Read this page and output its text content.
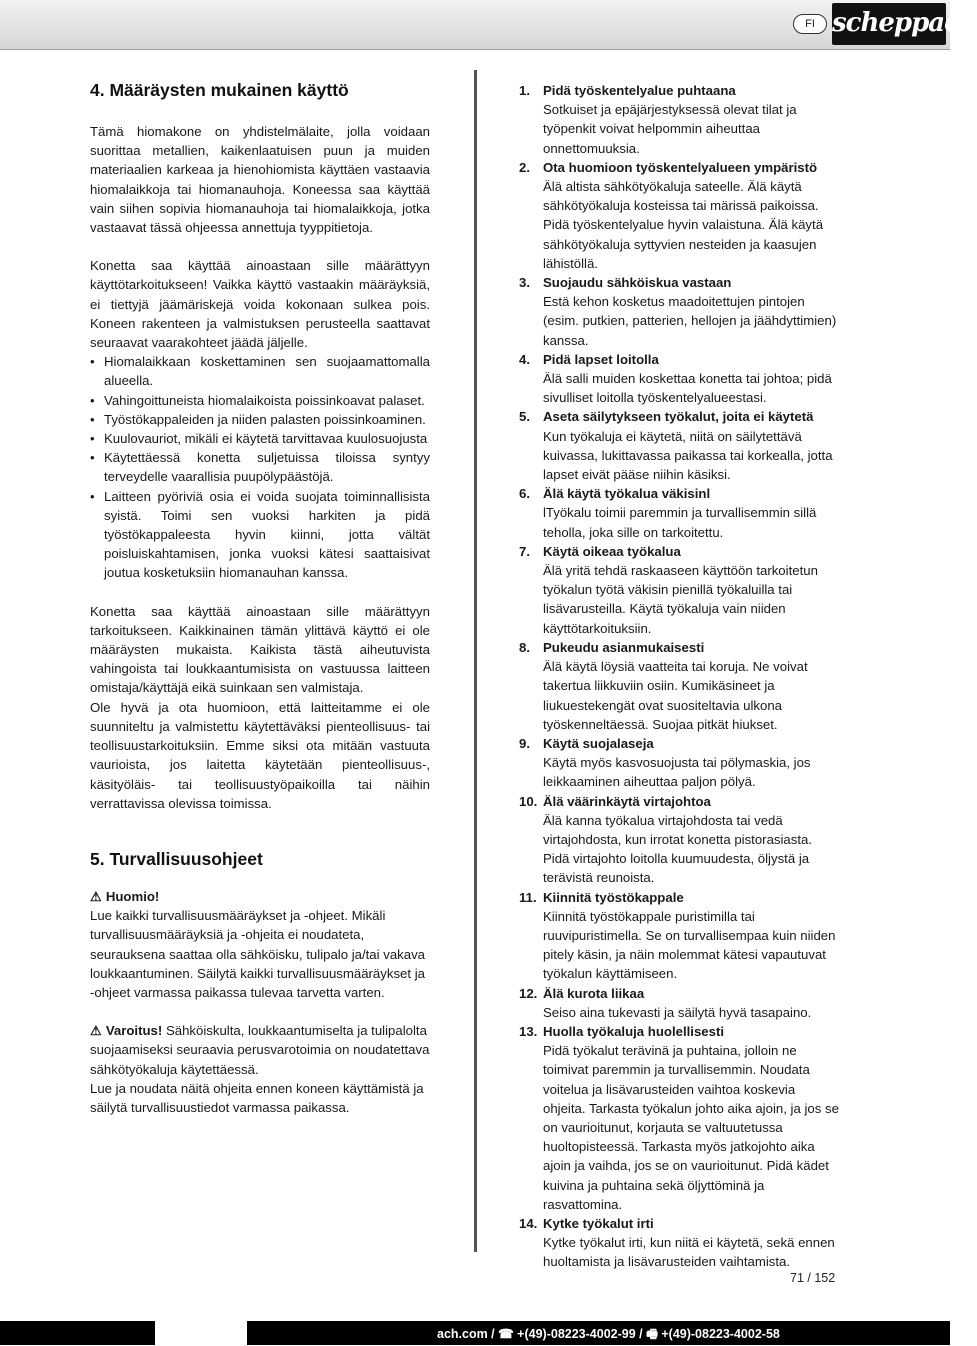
FI scheppach
4. Määräysten mukainen käyttö

Tämä hiomakone on yhdistelmälaite, jolla voidaan suorittaa metallien, kaikenlaatuisen puun ja muiden materiaalien karkeaa ja hienohiomista käyttäen vastaavia hiomalaikkoja tai hiomanauhoja. Koneessa saa käyttää vain siihen sopivia hiomanauhoja tai hiomalaikkoja, jotka vastaavat tässä ohjeessa annettuja tyyppitietoja.

Konetta saa käyttää ainoastaan sille määrättyyn käyttötarkoitukseen! Vaikka käyttö vastaakin määräyksiä, ei tiettyjä jäämäriskejä voida kokonaan sulkea pois. Koneen rakenteen ja valmistuksen perusteella saattavat seuraavat vaarakohteet jäädä jäljelle.

• Hiomalaikkaan koskettaminen sen suojaamattomalla alueella.
• Vahingoittuneista hiomalaikoista poissinkoavat palaset.
• Työstökappaleiden ja niiden palasten poissinkoaminen.
• Kuulovauriot, mikäli ei käytetä tarvittavaa kuulosuojusta
• Käytettäessä konetta suljetuissa tiloissa syntyy terveydelle vaarallisia puupölypäästöjä.
• Laitteen pyöriviä osia ei voida suojata toiminnallisista syistä. Toimi sen vuoksi harkiten ja pidä työstökappaleesta hyvin kiinni, jotta vältät poisluiskahtamisen, jonka vuoksi kätesi saattaisivat joutua kosketuksiin hiomanauhan kanssa.

Konetta saa käyttää ainoastaan sille määrättyyn tarkoitukseen. Kaikkinainen tämän ylittävä käyttö ei ole määräysten mukaista. Kaikista tästä aiheutuvista vahingoista tai loukkaantumisista on vastuussa laitteen omistaja/käyttäjä eikä suinkaan sen valmistaja.

Ole hyvä ja ota huomioon, että laitteitamme ei ole suunniteltu ja valmistettu käytettäväksi pienteollisuus- tai teollisuustarkoituksiin. Emme siksi ota mitään vastuuta vaurioista, jos laitetta käytetään pienteollisuus-, käsityöläis- tai teollisuustyöpaikoilla tai näihin verrattavissa olevissa toimissa.

5. Turvallisuusohjeet

⚠ Huomio!
Lue kaikki turvallisuusmääräykset ja -ohjeet. Mikäli turvallisuusmääräyksiä ja -ohjeita ei noudateta, seurauksena saattaa olla sähköisku, tulipalo ja/tai vakava loukkaantuminen. Säilytä kaikki turvallisuusmääräykset ja -ohjeet varmassa paikassa tulevaa tarvetta varten.

⚠ Varoitus! Sähköiskulta, loukkaantumiselta ja tulipalolta suojaamiseksi seuraavia perusvarotoimia on noudatettava sähkötyökaluja käytettäessä.
Lue ja noudata näitä ohjeita ennen koneen käyttämistä ja säilytä turvallisuustiedot varmassa paikassa.

1. Pidä työskentelyalue puhtaana
Sotkuiset ja epäjärjestyksessä olevat tilat ja työpenkit voivat helpommin aiheuttaa onnettomuuksia.
2. Ota huomioon työskentelyalueen ympäristö
Älä altista sähkötyökaluja sateelle. Älä käytä sähkötyökaluja kosteissa tai märissä paikoissa. Pidä työskentelyalue hyvin valaistuna. Älä käytä sähkötyökaluja syttyvien nesteiden ja kaasujen lähistöllä.
3. Suojaudu sähköiskua vastaan
Estä kehon kosketus maadoitettujen pintojen (esim. putkien, patterien, hellojen ja jäähdyttimien) kanssa.
4. Pidä lapset loitolla
Älä salli muiden koskettaa konetta tai johtoa; pidä sivulliset loitolla työskentelyalueestasi.
5. Aseta säilytykseen työkalut, joita ei käytetä
Kun työkaluja ei käytetä, niitä on säilytettävä kuivassa, lukittavassa paikassa tai korkealla, jotta lapset eivät pääse niihin käsiksi.
6. Älä käytä työkalua väkisinl
lTyökalu toimii paremmin ja turvallisemmin sillä teholla, joka sille on tarkoitettu.
7. Käytä oikeaa työkalua
Älä yritä tehdä raskaaseen käyttöön tarkoitetun työkalun työtä väkisin pienillä työkaluilla tai lisävarusteilla. Käytä työkaluja vain niiden käyttötarkoituksiin.
8. Pukeudu asianmukaisesti
Älä käytä löysiä vaatteita tai koruja. Ne voivat takertua liikkuviin osiin. Kumikäsineet ja liukuestekengät ovat suositeltavia ulkona työskenneltäessä. Suojaa pitkät hiukset.
9. Käytä suojalaseja
Käytä myös kasvosuojusta tai pölymaskia, jos leikkaaminen aiheuttaa paljon pölyä.
10. Älä väärinkäytä virtajohtoa
Älä kanna työkalua virtajohdosta tai vedä virtajohdosta, kun irrotat konetta pistorasiasta. Pidä virtajohto loitolla kuumuudesta, öljystä ja terävistä reunoista.
11. Kiinnitä työstökappale
Kiinnitä työstökappale puristimilla tai ruuvipuristimella. Se on turvallisempaa kuin niiden pitely käsin, ja näin molemmat kätesi vapautuvat työkalun käyttämiseen.
12. Älä kurota liikaa
Seiso aina tukevasti ja säilytä hyvä tasapaino.
13. Huolla työkaluja huolellisesti
Pidä työkalut terävinä ja puhtaina, jolloin ne toimivat paremmin ja turvallisemmin. Noudata voitelua ja lisävarusteiden vaihtoa koskevia ohjeita. Tarkasta työkalun johto aika ajoin, ja jos se on vaurioitunut, korjauta se valtuutetussa huoltopisteessä. Tarkasta myös jatkojohto aika ajoin ja vaihda, jos se on vaurioitunut. Pidä kädet kuivina ja puhtaina sekä öljyttöminä ja rasvattomina.
14. Kytke työkalut irti
Kytke työkalut irti, kun niitä ei käytetä, sekä ennen huoltamista ja lisävarusteiden vaihtamista.
71 / 152
ach.com / ☎ +(49)-08223-4002-99 / 🖷 +(49)-08223-4002-58
